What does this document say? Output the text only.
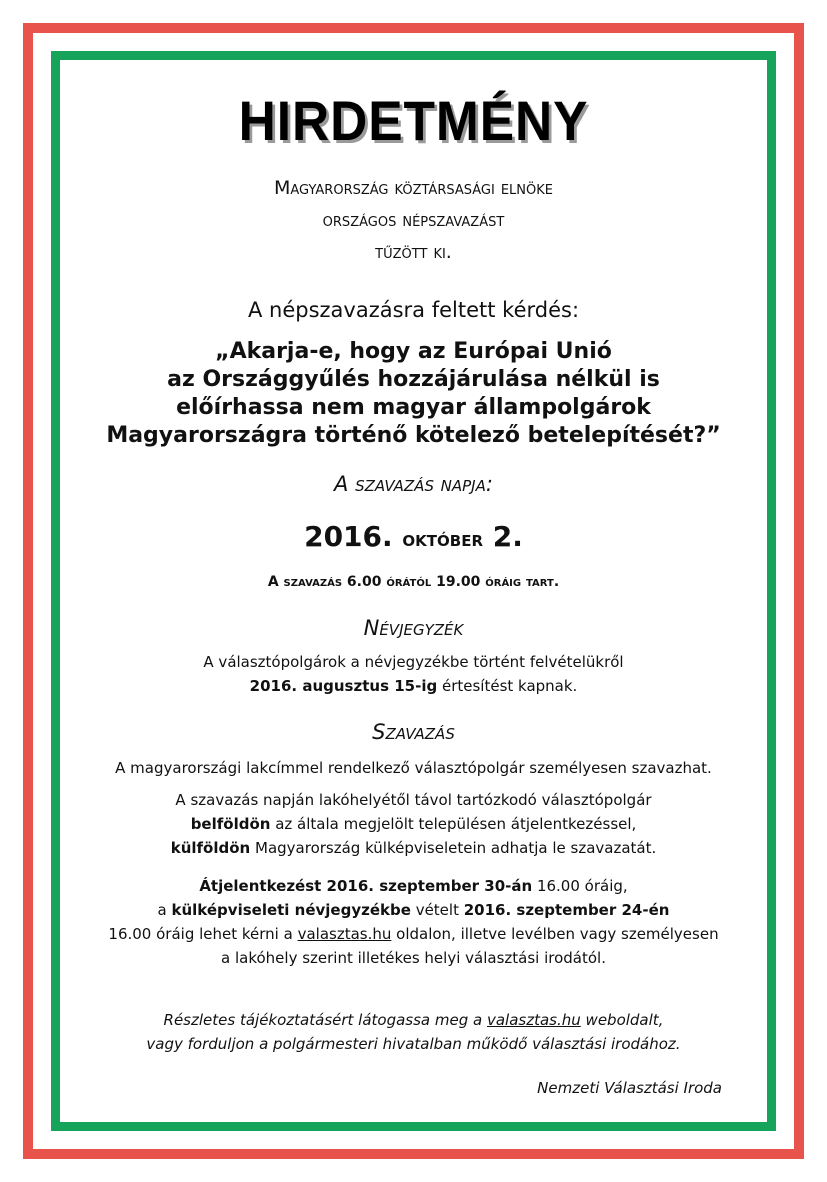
HIRDETMÉNY
Magyarország köztársasági elnöke
országos népszavazást
tűzött ki.
A népszavazásra feltett kérdés:
„Akarja-e, hogy az Európai Unió
az Országgyűlés hozzájárulása nélkül is
előírhassa nem magyar állampolgárok
Magyarországra történő kötelező betelepítését?”
A szavazás napja:
2016. október 2.
A szavazás 6.00 órától 19.00 óráig tart.
Névjegyzék
A választópolgárok a névjegyzékbe történt felvételükről
2016. augusztus 15-ig értesítést kapnak.
Szavazás
A magyarországi lakcímmel rendelkező választópolgár személyesen szavazhat.
A szavazás napján lakóhelyétől távol tartózkodó választópolgár
belföldön az általa megjelölt településen átjelentkezéssel,
külföldön Magyarország külképviseletein adhatja le szavazatát.
Átjelentkezést 2016. szeptember 30-án 16.00 óráig,
a külképviseleti névjegyzékbe vételt 2016. szeptember 24-én
16.00 óráig lehet kérni a valasztas.hu oldalon, illetve levélben vagy személyesen
a lakóhely szerint illetékes helyi választási irodától.
Részletes tájékoztatásért látogassa meg a valasztas.hu weboldalt,
vagy forduljon a polgármesteri hivatalban működő választási irodához.
Nemzeti Választási Iroda
